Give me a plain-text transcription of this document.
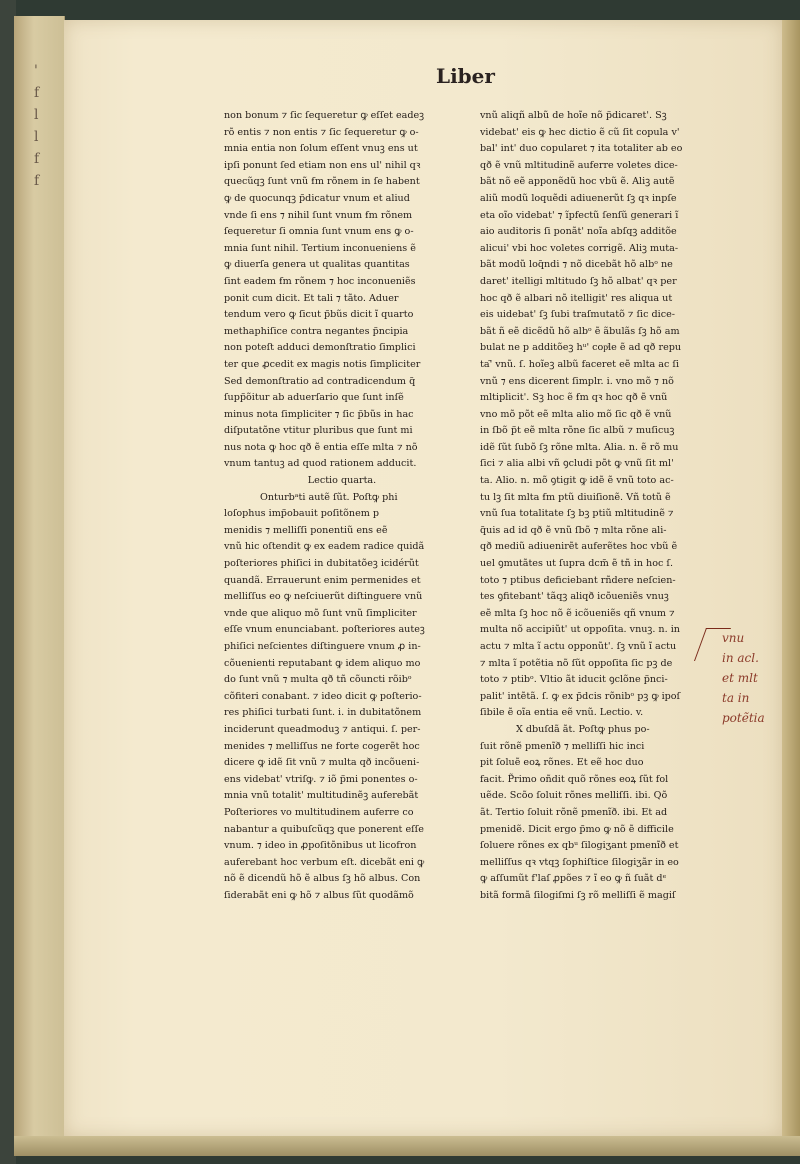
'
f
l
l
f
f
Liber
non bonum ⁊ ſic ſequeretur ꝙ eſſet eadeꝫ
rõ entis ⁊ non entis ⁊ ſic ſequeretur ꝙ o-
mnia entia non ſolum eſſent vnuꝫ ens ut
ipſi ponunt ſed etiam non ens ul' nihil qꝛ
quecũqꝫ ſunt vnũ ẜm rõnem in ſe habent
ꝙ de quocunqꝫ p̃dicatur vnum et aliud
vnde ſi ens ⁊ nihil ſunt vnum ẜm rõnem
ſequeretur ſi omnia ſunt vnum ens ꝙ o-
mnia ſunt nihil. Tertium inconueniens ẽ
ꝙ diuerſa genera ut qualitas quantitas
ſint eadem ẜm rõnem ⁊ hoc inconueniẽs
ponit cum dicit. Et tali ⁊ tãto. Aduer
tendum vero ꝙ ſicut p̃bũs dicit ĩ quarto
methaphiſice contra negantes p̃ncipia
non poteſt adduci demonſtratio ſimplici
ter que ꝓcedit ex magis notis ſimpliciter
Sed demonſtratio ad contradicendum q̃
ſupp̃õitur ab aduerſario que ſunt inſẽ
minus nota ſimpliciter ⁊ ſic p̃bũs in hac
diſputatõne vtitur pluribus que ſunt mi
nus nota ꝙ hoc qð ẽ entia eſſe mlta ⁊ nõ
vnum tantuꝫ ad quod rationem adducit.
Lectio quarta.
Onturbᵃti autẽ ſũt. Poſtꝙ phi
loſophus imp̃obauit poſitõnem p
menidis ⁊ melliſſi ponentiũ ens eẽ
vnũ hic oſtendit ꝙ ex eadem radice quidã
poſteriores phiſici in dubitatõeꝫ icidérũt
quandã. Errauerunt enim permenides et
melliſſus eo ꝙ neſciuerũt diſtinguere vnũ
vnde que aliquo mõ ſunt vnũ ſimpliciter
eſſe vnum enunciabant. poſteriores auteꝫ
phiſici neſcientes diſtinguere vnum ꝓ in-
cõuenienti reputabant ꝙ idem aliquo mo
do ſunt vnũ ⁊ multa qð tñ cõuncti rõibᵒ
cõfiteri conabant. ⁊ ideo dicit ꝙ poſterio-
res phiſici turbati ſunt. i. in dubitatõnem
inciderunt queadmoduꝫ ⁊ antiqui. ſ. per-
menides ⁊ melliſſus ne forte cogerẽt hoc
dicere ꝙ idẽ ſit vnũ ⁊ multa qð incõueni-
ens videbat' vtriſꝙ. ⁊ iõ p̃mi ponentes o-
mnia vnũ totalit' multitudinẽꝫ auferebãt
Poſteriores vo multitudinem auferre co
nabantur a quibuſcũqꝫ que ponerent eſſe
vnum. ⁊ ideo in ꝓpoſitõnibus ut licofron
auferebant hoc verbum eſt. dicebãt eni ꝙ
nõ ẽ dicendũ hõ ẽ albus ſꝫ hõ albus. Con
ſiderabãt eni ꝙ hõ ⁊ albus ſũt quodãmõ
vnũ aliqñ albũ de hoĩe nõ p̃dicaret'. Sꝫ
videbat' eis ꝙ hec dictio ẽ cũ ſit copula v'
bal' int' duo copularet ⁊ ita totaliter ab eo
qð ẽ vnũ mltitudinẽ auferre voletes dice-
bãt nõ eẽ apponẽdũ hoc vbũ ẽ. Aliꝫ autẽ
aliũ modũ loquẽdi adiuenerũt ſꝫ qꝛ inpſe
eta oĩo videbat' ⁊ ĩpfectũ ſenſũ generari ĩ
aio auditoris ſi ponãt' noĩa abſqꝫ additõe
alicui' vbi hoc voletes corrigẽ. Aliꝫ muta-
bãt modũ loq̃ndi ⁊ nõ dicebãt hõ albᵒ ne
daret' itelligi mltitudo ſꝫ hõ albat' qꝛ per
hoc qð ẽ albari nõ itelligit' res aliqua ut
eis uidebat' ſꝫ ſubi traſmutatõ ⁊ ſic dice-
bãt ñ eẽ dicẽdũ hõ albᵒ ẽ ãbulãs ſꝫ hõ am
bulat ne p additõeꝫ hᵘ' copͥle ẽ ad qð repu
ta'̃ vnũ. ſ. hoĩeꝫ albũ faceret eẽ mlta ac ſi
vnũ ⁊ ens dicerent ſimplr. i. vno mõ ⁊ nõ
mltiplicit'. Sꝫ hoc ẽ ẜm qꝛ hoc qð ẽ vnũ
vno mõ põt eẽ mlta alio mõ ſic qð ẽ vnũ
in ſbõ p̃t eẽ mlta rõne ſic albũ ⁊ muſicuꝫ
idẽ ſũt ſubõ ſꝫ rõne mlta. Alia. n. ẽ rõ mu
ſici ⁊ alia albi vñ ꝯcludi põt ꝙ vnũ ſit ml'
ta. Alio. n. mõ ꝯtigit ꝙ idẽ ẽ vnũ toto ac-
tu lꝫ ſit mlta ẜm ptũ diuiſionẽ. Vñ totũ ẽ
vnũ ſua totalitate ſꝫ bꝫ ptiũ mltitudinẽ ⁊
q̃uis ad id qð ẽ vnũ ſbõ ⁊ mlta rõne ali-
qð mediũ adiuenirẽt auferẽtes hoc vbũ ẽ
uel ꝯmutãtes ut ſupra dcm̃ ẽ tñ in hoc ſ.
toto ⁊ ptibus deficiebant rñdere neſcien-
tes ꝯfitebant' tãqꝫ aliqð icõueniẽs vnuꝫ
eẽ mlta ſꝫ hoc nõ ẽ icõueniẽs qñ vnum ⁊
multa nõ accipiũt' ut oppoſita. vnuꝫ. n. in
actu ⁊ mlta ĩ actu opponũt'. ſꝫ vnũ ĩ actu
⁊ mlta ĩ potẽtia nõ ſũt oppoſita ſic pꝫ de
toto ⁊ ptibᵒ. Vltio ãt iducit ꝯclõne p̃nci-
palit' intẽtã. ſ. ꝙ ex p̃dcis rõnibᵒ pꝫ ꝙ ipoſ
ſibile ẽ oĩa entia eẽ vnũ. Lectio. v.
X dbuſdã ãt. Poſtꝙ phus po-
ſuit rõnẽ pmenĩð ⁊ melliſſi hic inci
pit ſoluẽ eoꝝ rõnes. Et eẽ hoc duo
facit. P̃rimo oñdit quõ rõnes eoꝝ ſũt fol
uẽde. Scõo ſoluit rõnes melliſſi. ibi. Qõ
ãt. Tertio ſoluit rõnẽ pmenĩð. ibi. Et ad
pmenidẽ. Dicit ergo p̃mo ꝙ nõ ẽ difficile
ſoluere rõnes ex qbᵘ ſilogiʒant pmenĩð et
melliſſus qꝛ vtqꝫ ſophiſtice ſilogiʒãr in eo
ꝙ aſſumũt f'laſ ꝓpões ⁊ ĩ eo ꝙ ñ ſuãt dᵉ
bitã formã ſilogiſmi ſꝫ rõ melliſſi ẽ magiſ
vnu
in acl.
et mlt
ta in
potẽtia
